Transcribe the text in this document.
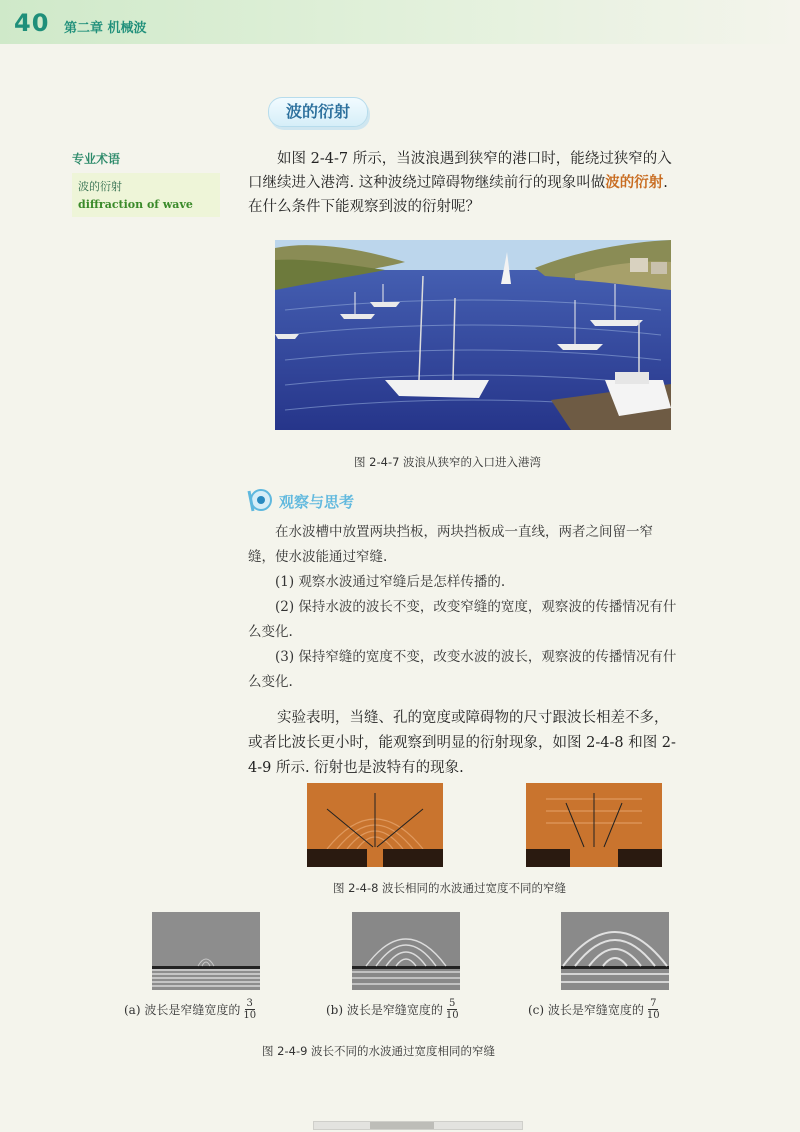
40 第二章 机械波
波的衍射
专业术语
波的衍射
diffraction of wave
如图 2-4-7 所示，当波浪遇到狭窄的港口时，能绕过狭窄的入口继续进入港湾. 这种波绕过障碍物继续前行的现象叫做波的衍射. 在什么条件下能观察到波的衍射呢？
图 2-4-7 波浪从狭窄的入口进入港湾
观察与思考

在水波槽中放置两块挡板，两块挡板成一直线，两者之间留一窄缝，使水波能通过窄缝.

(1) 观察水波通过窄缝后是怎样传播的.

(2) 保持水波的波长不变，改变窄缝的宽度，观察波的传播情况有什么变化.

(3) 保持窄缝的宽度不变，改变水波的波长，观察波的传播情况有什么变化.

实验表明，当缝、孔的宽度或障碍物的尺寸跟波长相差不多，或者比波长更小时，能观察到明显的衍射现象，如图 2-4-8 和图 2-4-9 所示. 衍射也是波特有的现象.
图 2-4-8 波长相同的水波通过宽度不同的窄缝
(a) 波长是窄缝宽度的 $\frac{3}{10}$	(b) 波长是窄缝宽度的 $\frac{5}{10}$	(c) 波长是窄缝宽度的 $\frac{7}{10}$
图 2-4-9 波长不同的水波通过宽度相同的窄缝
